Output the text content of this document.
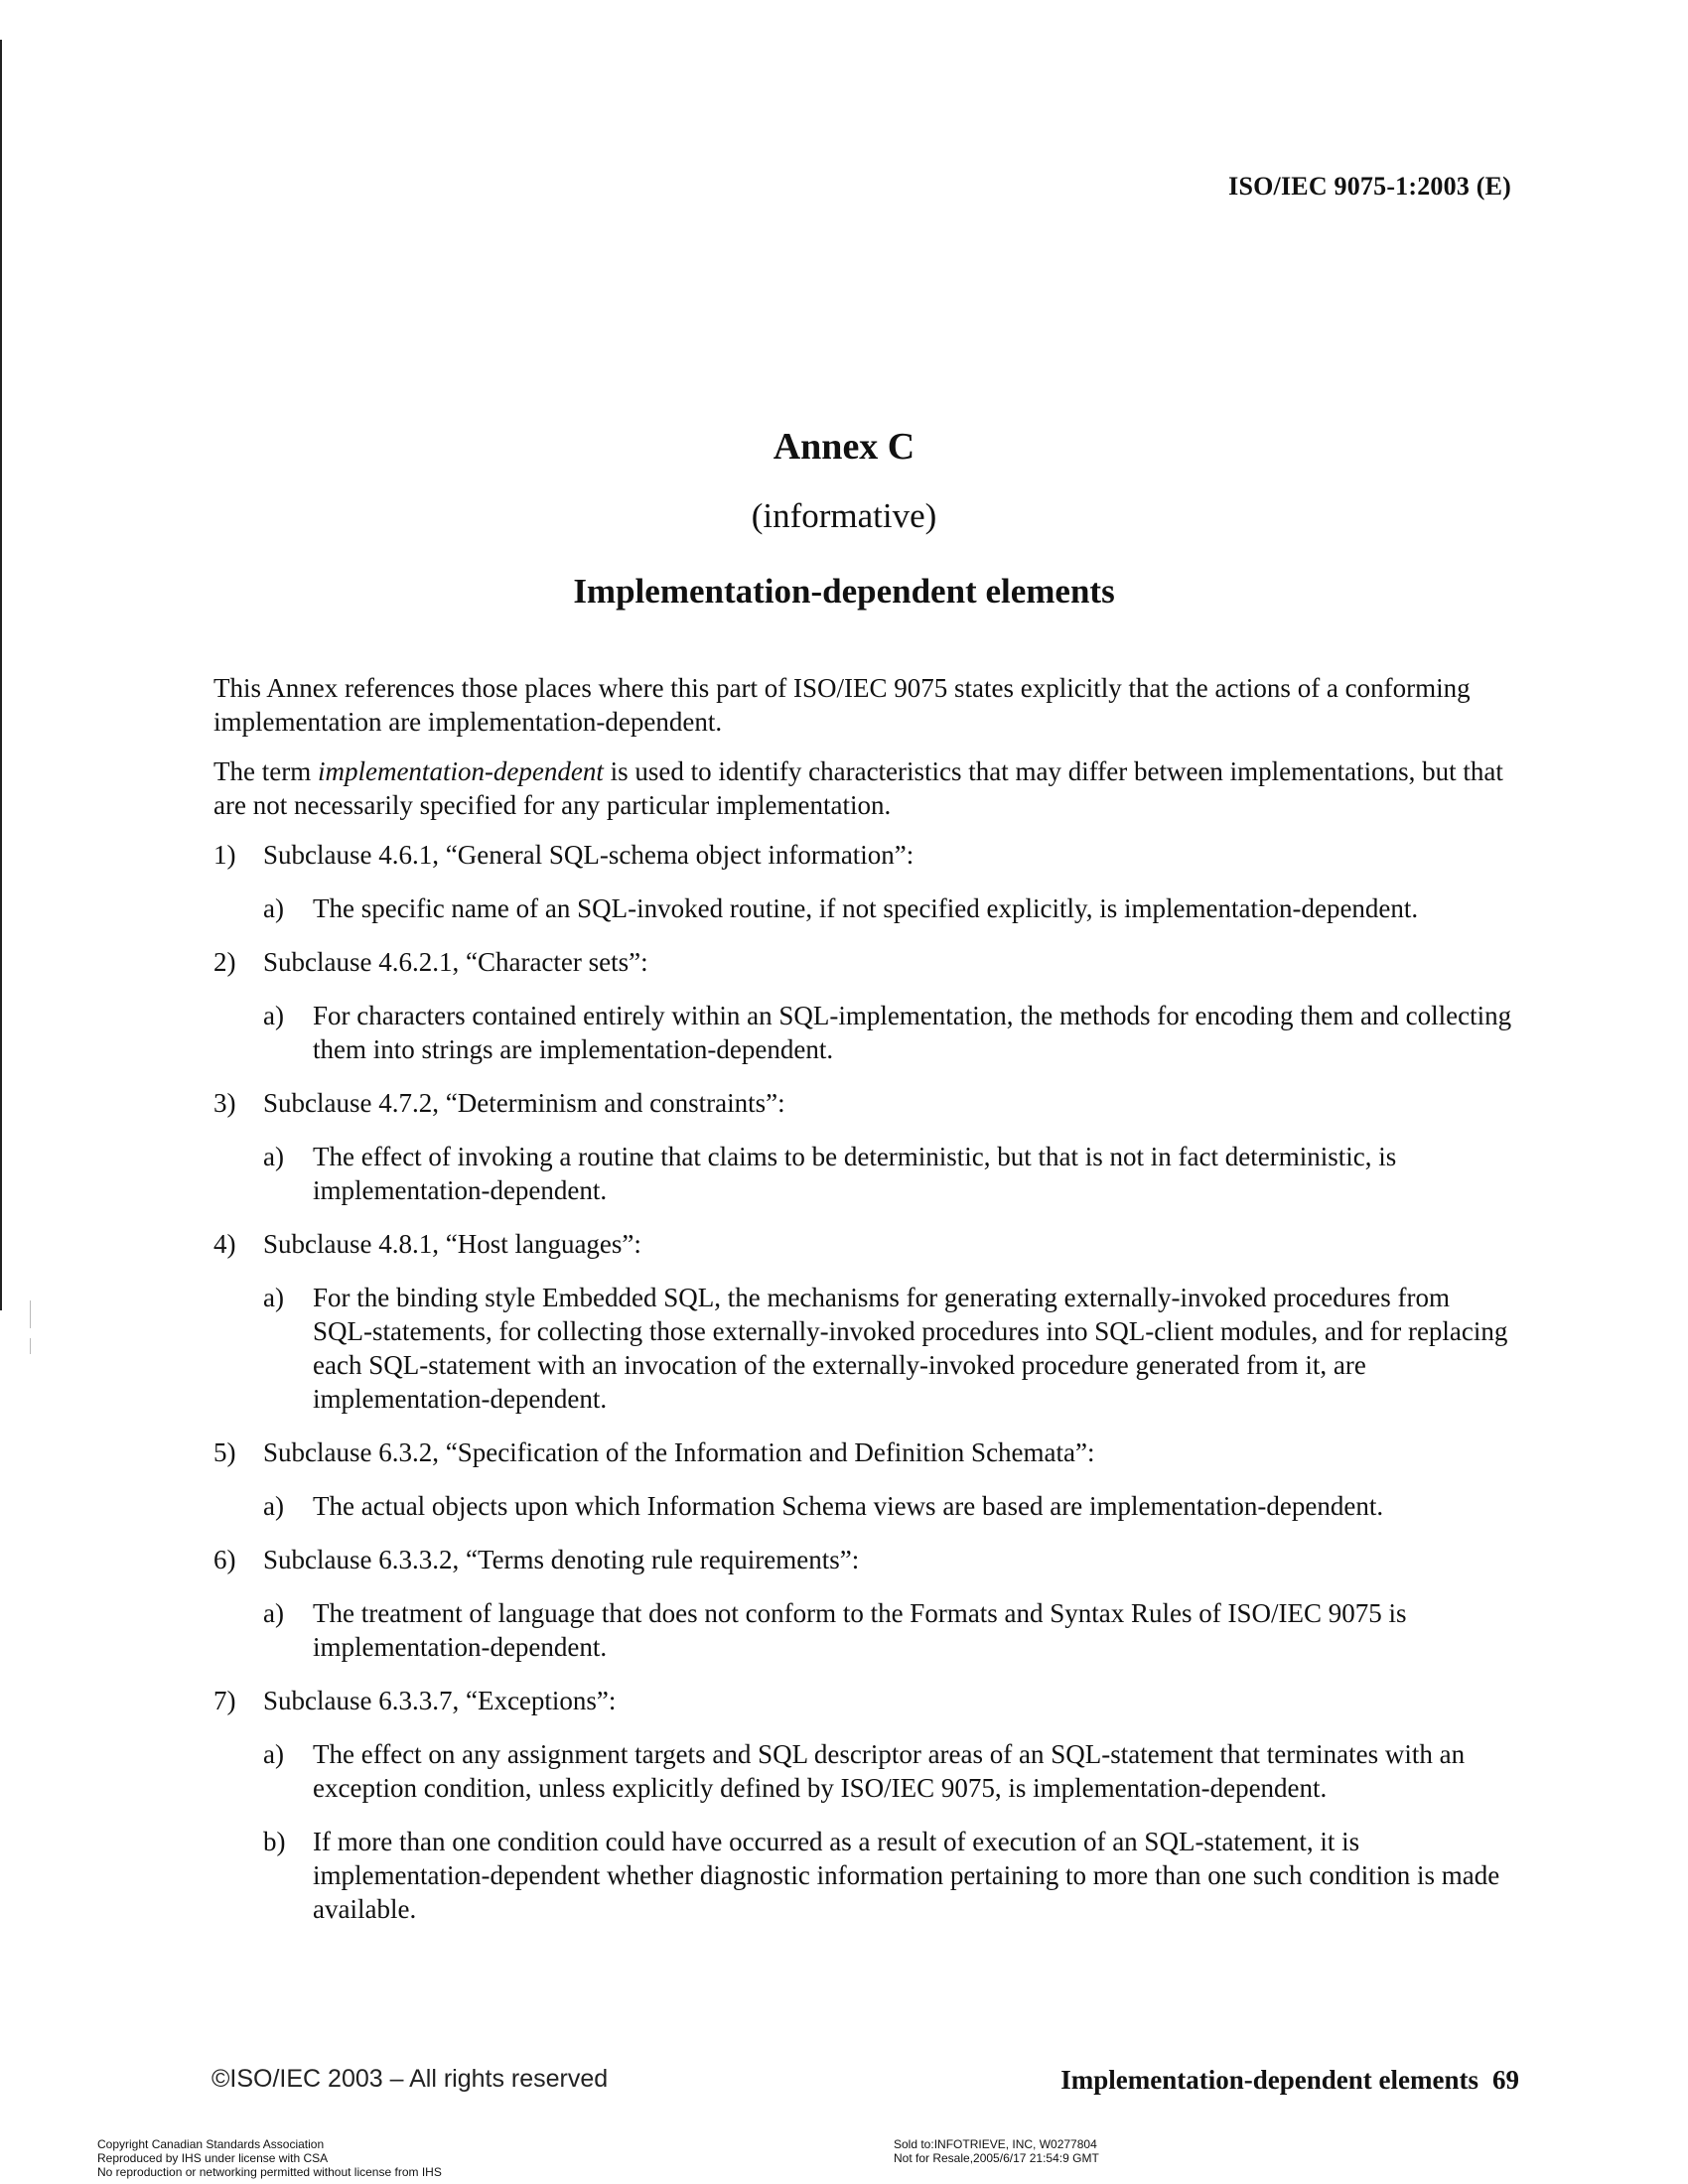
ISO/IEC 9075-1:2003 (E)
Annex C
(informative)
Implementation-dependent elements

This Annex references those places where this part of ISO/IEC 9075 states explicitly that the actions of a conforming implementation are implementation-dependent.

The term implementation-dependent is used to identify characteristics that may differ between implementations, but that are not necessarily specified for any particular implementation.

1) Subclause 4.6.1, “General SQL-schema object information”:
a) The specific name of an SQL-invoked routine, if not specified explicitly, is implementation-dependent.
2) Subclause 4.6.2.1, “Character sets”:
a) For characters contained entirely within an SQL-implementation, the methods for encoding them and collecting them into strings are implementation-dependent.
3) Subclause 4.7.2, “Determinism and constraints”:
a) The effect of invoking a routine that claims to be deterministic, but that is not in fact deterministic, is implementation-dependent.
4) Subclause 4.8.1, “Host languages”:
a) For the binding style Embedded SQL, the mechanisms for generating externally-invoked procedures from SQL-statements, for collecting those externally-invoked procedures into SQL-client modules, and for replacing each SQL-statement with an invocation of the externally-invoked procedure generated from it, are implementation-dependent.
5) Subclause 6.3.2, “Specification of the Information and Definition Schemata”:
a) The actual objects upon which Information Schema views are based are implementation-dependent.
6) Subclause 6.3.3.2, “Terms denoting rule requirements”:
a) The treatment of language that does not conform to the Formats and Syntax Rules of ISO/IEC 9075 is implementation-dependent.
7) Subclause 6.3.3.7, “Exceptions”:
a) The effect on any assignment targets and SQL descriptor areas of an SQL-statement that terminates with an exception condition, unless explicitly defined by ISO/IEC 9075, is implementation-dependent.
b) If more than one condition could have occurred as a result of execution of an SQL-statement, it is implementation-dependent whether diagnostic information pertaining to more than one such condition is made available.
©ISO/IEC 2003 – All rights reserved	Implementation-dependent elements 69
Copyright Canadian Standards Association
Reproduced by IHS under license with CSA
No reproduction or networking permitted without license from IHS
Sold to:INFOTRIEVE, INC, W0277804
Not for Resale,2005/6/17 21:54:9 GMT
